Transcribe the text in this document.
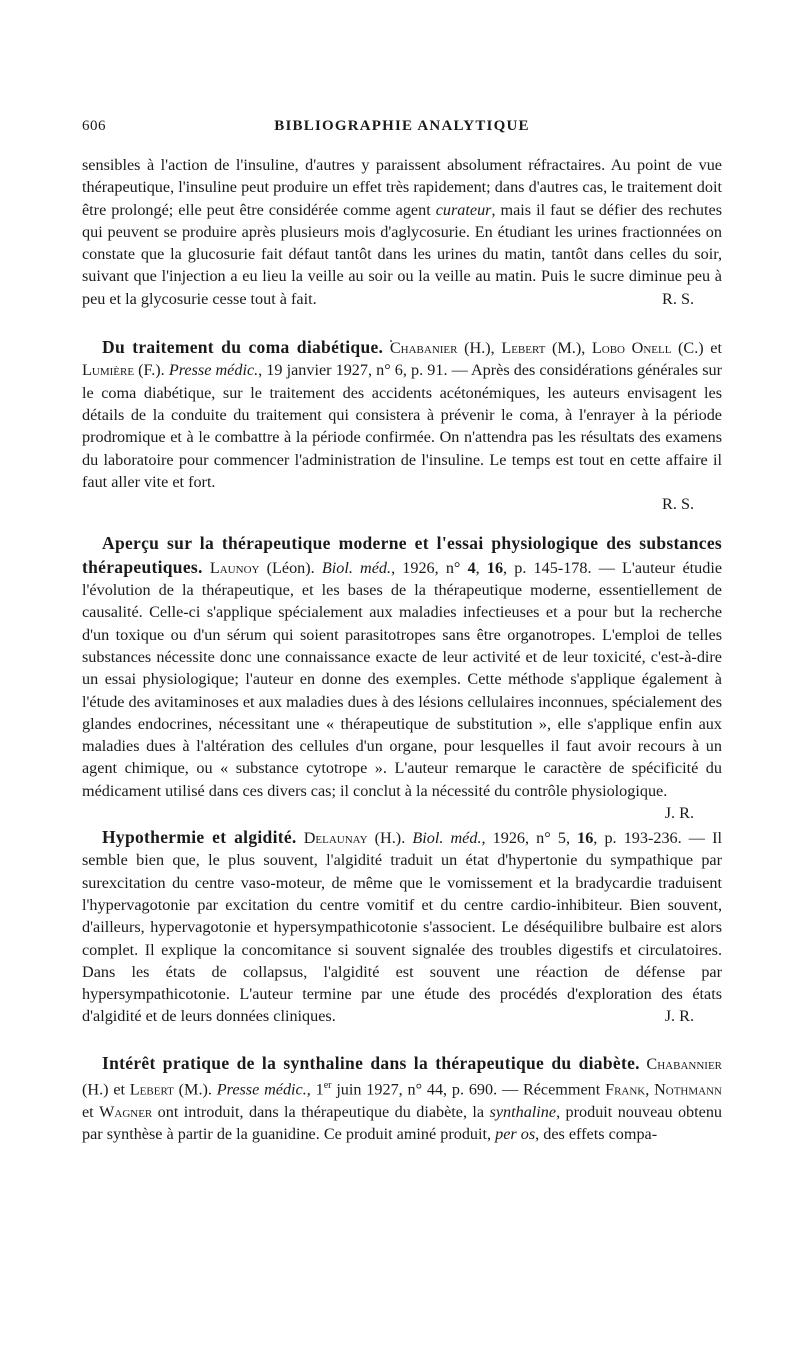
606	BIBLIOGRAPHIE ANALYTIQUE

sensibles à l'action de l'insuline, d'autres y paraissent absolument réfractaires. Au point de vue thérapeutique, l'insuline peut produire un effet très rapidement; dans d'autres cas, le traitement doit être prolongé; elle peut être considérée comme agent curateur, mais il faut se défier des rechutes qui peuvent se produire après plusieurs mois d'aglycosurie. En étudiant les urines fractionnées on constate que la glucosurie fait défaut tantôt dans les urines du matin, tantôt dans celles du soir, suivant que l'injection a eu lieu la veille au soir ou la veille au matin. Puis le sucre diminue peu à peu et la glycosurie cesse tout à fait.	R. S.

Du traitement du coma diabétique. Chabanier (H.), Lebert (M.), Lobo Onell (C.) et Lumière (F.). Presse médic., 19 janvier 1927, n° 6, p. 91. — Après des considérations générales sur le coma diabétique, sur le traitement des accidents acétonémiques, les auteurs envisagent les détails de la conduite du traitement qui consistera à prévenir le coma, à l'enrayer à la période prodromique et à le combattre à la période confirmée. On n'attendra pas les résultats des examens du laboratoire pour commencer l'administration de l'insuline. Le temps est tout en cette affaire il faut aller vite et fort.

R. S.

Aperçu sur la thérapeutique moderne et l'essai physiologique des substances thérapeutiques. Launoy (Léon). Biol. méd., 1926, n° 4, 16, p. 145-178. — L'auteur étudie l'évolution de la thérapeutique, et les bases de la thérapeutique moderne, essentiellement de causalité. Celle-ci s'applique spécialement aux maladies infectieuses et a pour but la recherche d'un toxique ou d'un sérum qui soient parasitotropes sans être organotropes. L'emploi de telles substances nécessite donc une connaissance exacte de leur activité et de leur toxicité, c'est-à-dire un essai physiologique; l'auteur en donne des exemples. Cette méthode s'applique également à l'étude des avitaminoses et aux maladies dues à des lésions cellulaires inconnues, spécialement des glandes endocrines, nécessitant une « thérapeutique de substitution », elle s'applique enfin aux maladies dues à l'altération des cellules d'un organe, pour lesquelles il faut avoir recours à un agent chimique, ou « substance cytotrope ». L'auteur remarque le caractère de spécificité du médicament utilisé dans ces divers cas; il conclut à la nécessité du contrôle physiologique.
J. R.

Hypothermie et algidité. Delaunay (H.). Biol. méd., 1926, n° 5, 16, p. 193-236. — Il semble bien que, le plus souvent, l'algidité traduit un état d'hypertonie du sympathique par surexcitation du centre vaso-moteur, de même que le vomissement et la bradycardie traduisent l'hypervagotonie par excitation du centre vomitif et du centre cardio-inhibiteur. Bien souvent, d'ailleurs, hypervagotonie et hypersympathicotonie s'associent. Le déséquilibre bulbaire est alors complet. Il explique la concomitance si souvent signalée des troubles digestifs et circulatoires. Dans les états de collapsus, l'algidité est souvent une réaction de défense par hypersympathicotonie. L'auteur termine par une étude des procédés d'exploration des états d'algidité et de leurs données cliniques.	J. R.

Intérêt pratique de la synthaline dans la thérapeutique du diabète. Chabannier (H.) et Lebert (M.). Presse médic., 1er juin 1927, n° 44, p. 690. — Récemment Frank, Nothmann et Wagner ont introduit, dans la thérapeutique du diabète, la synthaline, produit nouveau obtenu par synthèse à partir de la guanidine. Ce produit aminé produit, per os, des effets compa-
